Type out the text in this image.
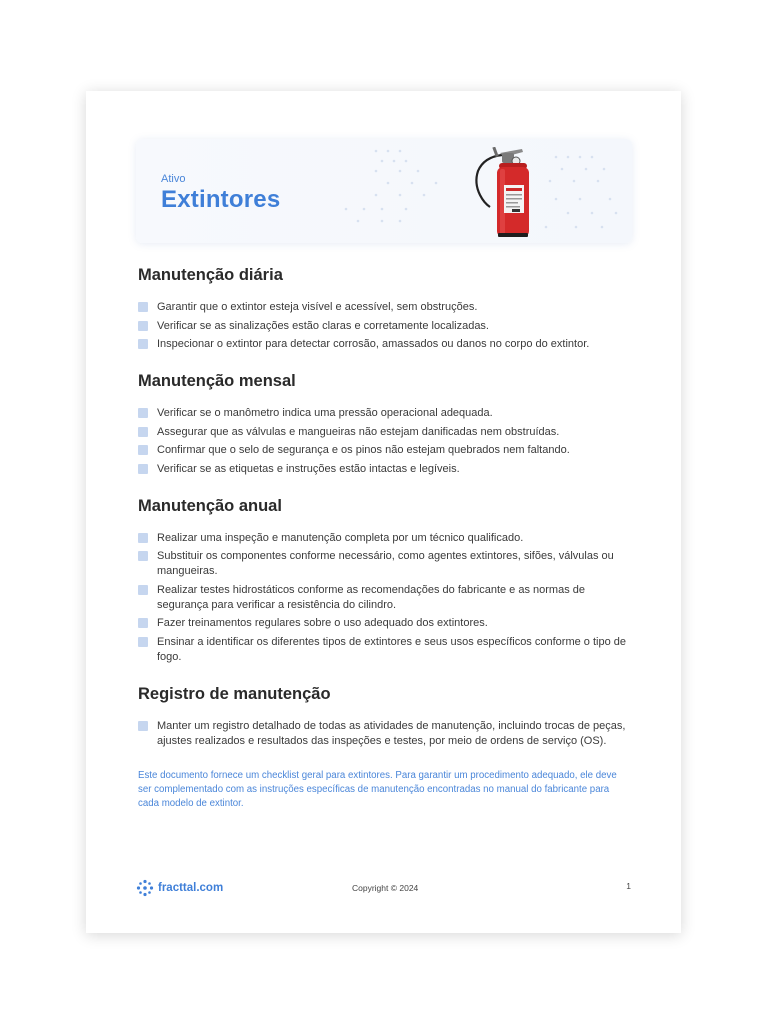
Ativo
Extintores
Manutenção diária
Garantir que o extintor esteja visível e acessível, sem obstruções.
Verificar se as sinalizações estão claras e corretamente localizadas.
Inspecionar o extintor para detectar corrosão, amassados ou danos no corpo do extintor.
Manutenção mensal
Verificar se o manômetro indica uma pressão operacional adequada.
Assegurar que as válvulas e mangueiras não estejam danificadas nem obstruídas.
Confirmar que o selo de segurança e os pinos não estejam quebrados nem faltando.
Verificar se as etiquetas e instruções estão intactas e legíveis.
Manutenção anual
Realizar uma inspeção e manutenção completa por um técnico qualificado.
Substituir os componentes conforme necessário, como agentes extintores, sifões, válvulas ou mangueiras.
Realizar testes hidrostáticos conforme as recomendações do fabricante e as normas de segurança para verificar a resistência do cilindro.
Fazer treinamentos regulares sobre o uso adequado dos extintores.
Ensinar a identificar os diferentes tipos de extintores e seus usos específicos conforme o tipo de fogo.
Registro de manutenção
Manter um registro detalhado de todas as atividades de manutenção, incluindo trocas de peças, ajustes realizados e resultados das inspeções e testes, por meio de ordens de serviço (OS).

Este documento fornece um checklist geral para extintores. Para garantir um procedimento adequado, ele deve ser complementado com as instruções específicas de manutenção encontradas no manual do fabricante para cada modelo de extintor.

fracttal.com	Copyright © 2024	1
